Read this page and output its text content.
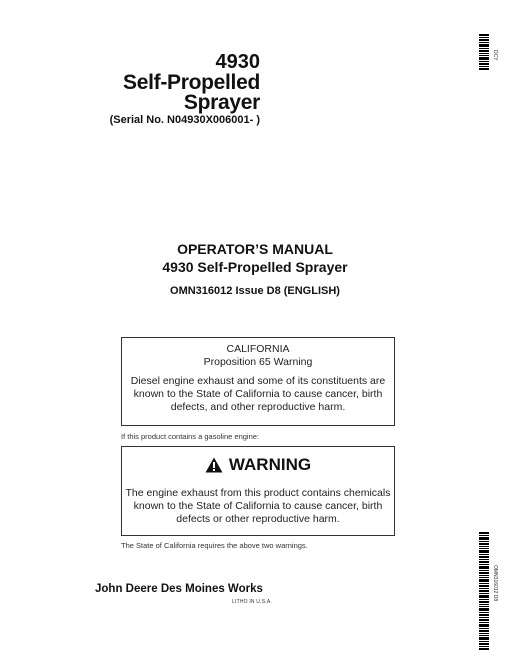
4930
Self-Propelled
Sprayer
(Serial No. N04930X006001- )
OPERATOR’S MANUAL
4930 Self-Propelled Sprayer
OMN316012 Issue D8 (ENGLISH)
CALIFORNIA
Proposition 65 Warning
Diesel engine exhaust and some of its constituents are known to the State of California to cause cancer, birth defects, and other reproductive harm.
If this product contains a gasoline engine:
WARNING
The engine exhaust from this product contains chemicals known to the State of California to cause cancer, birth defects or other reproductive harm.
The State of California requires the above two warnings.
John Deere Des Moines Works
LITHO IN U.S.A.
DCY
OMN316012 D8
